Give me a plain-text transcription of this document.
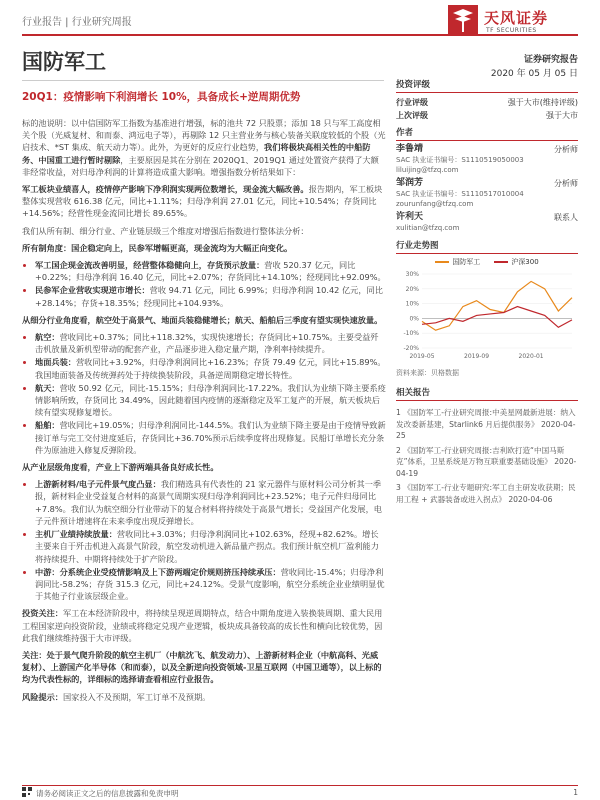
行业报告 | 行业研究周报	天风证券
TF SECURITIES
国防军工	证券研究报告
2020 年 05 月 05 日
20Q1：疫情影响下利润增长 10%，具备成长+逆周期优势

标的池说明：以中信国防军工指数为基准进行增强，标的池共 72 只股票；添加 18 只与军工高度相关个股（光威复材、和而泰、鸿远电子等），再剔除 12 只主营业务与核心装备关联度较低的个股（光启技术、*ST 集成、航天动力等）。此外，为更好的反应行业趋势，我们将极块高相关性的中船防务、中国重工进行暂时剔除，主要原因是其在分别在 2020Q1、2019Q1 通过处置资产获得了大额非经常收益，对归母净利润的计算将造成重大影响。增强指数分析结果如下：

军工板块业绩喜人，疫情停产影响下净利润实现两位数增长，现金流大幅改善。报告期内，军工板块整体实现营收 616.38 亿元，同比+1.11%；归母净利润 27.01 亿元，同比+10.54%；存货同比+14.56%；经营性现金流同比增长 89.65%。

我们从所有制、细分行业、产业链层级三个维度对增强后指数进行整体法分析：

所有制角度：国企稳定向上，民参军增幅更高，现金流均为大幅正向变化。

• 军工国企现金流改善明显，经营整体稳健向上，存货预示放量：营收 520.37 亿元，同比+0.22%；归母净利润 16.40 亿元，同比+2.07%；存货同比+14.10%；经现同比+92.09%。
• 民参军企业营收实现逆市增长：营收 94.71 亿元，同比 6.99%；归母净利润 10.42 亿元，同比+28.14%；存货+18.35%；经现同比+104.93%。

从细分行业角度看，航空处于高景气、地面兵装稳健增长；航天、船舶后三季度有望实现快速放量。

• 航空：营收同比+0.37%；同比+118.32%，实现快速增长；存货同比+10.75%。主要受益歼击机放量及新机型带动的配套产业，产品逐步进入稳定量产期，净利率持续提升。
• 地面兵装：营收同比+3.92%，归母净利润同比+16.23%；存货 79.49 亿元，同比+15.89%。我国地面装备及传统弹药处于持续换装阶段，具备逆周期稳定增长特性。
• 航天：营收 50.92 亿元，同比-15.15%；归母净利润同比-17.22%。我们认为业绩下降主要系疫情影响所致，存货同比 34.49%，因此随着国内疫情的逐渐稳定及军工复产的开展，航天板块后续有望实现修复增长。
• 船舶：营收同比+19.05%；归母净利润同比-144.5%。我们认为业绩下降主要是由于疫情导致新接订单与完工交付进度延后，存货同比+36.70%预示后续季度将出现修复。民船订单增长充分条件为原油进入修复反弹阶段。

从产业层级角度看，产业上下游两端具备良好成长性。

• 上游新材料/电子元件景气度凸显：我们精选具有代表性的 21 家元器件与原材料公司分析其一季报，新材料企业受益复合材料的高景气周期实现归母净利润同比+23.52%；电子元件归母同比+7.8%。我们认为航空细分行业带动下的复合材料将持续处于高景气增长；受益国产化发展，电子元件预计增速将在未来季度出现反弹增长。
• 主机厂业绩持续放量：营收同比+3.03%；归母净利润同比+102.63%，经现+82.62%。增长主要来自于歼击机进入高景气阶段，航空发动机进入新品量产拐点。我们预计航空机厂盈利能力将持续提升、中期将持续处于扩产阶段。
• 中游：分系统企业受疫情影响及上下游两端定价规则挤压持续承压：营收同比-15.4%；归母净利润同比-58.2%；存货 315.3 亿元，同比+24.12%。受景气度影响，航空分系统企业业绩明显优于其他子行业该层级企业。

投资关注：军工在本经济阶段中，将持续呈现逆周期特点，结合中期角度进入装换装周期、重大民用工程国家逆向投资阶段，业绩或将稳定兑现产业逻辑，板块成具备较高的成长性和横向比较优势，因此我们继续维持强于大市评级。

关注：处于景气爬升阶段的航空主机厂（中航沈飞、航发动力）、上游新材料企业（中航高科、光威复材）、上游国产化半导体（和而泰），以及全新逆向投资领域-卫星互联网（中国卫通等），以上标的均为代表性标的，详细标的选择请查看相应行业报告。

风险提示：国家投入不及预期，军工订单不及预期。

投资评级
行业评级	强于大市(维持评级)
上次评级	强于大市
作者
李鲁靖	分析师
SAC 执业证书编号：S1110519050003
liluijing@tfzq.com
邹润芳	分析师
SAC 执业证书编号：S1110517010004
zourunfang@tfzq.com
许利天	联系人
xulitian@tfzq.com
行业走势图
国防军工	沪深300
-20%
-10%
0%
10%
20%
30%
2019-05	2019-09	2020-01
资料来源：贝格数据
相关报告
1 《国防军工-行业研究周报:中美星网最新进展：纳入发改委新基建，Starlink6 月后提供服务》 2020-04-25
2 《国防军工-行业研究周报:吉利欧打造“中国马斯克”体系，卫星系统是万物互联重要基础设施》 2020-04-19
3 《国防军工-行业专题研究:军工自主研发收获期；民用工程 + 武器装备或进入拐点》 2020-04-06
请务必阅读正文之后的信息披露和免责申明	1
